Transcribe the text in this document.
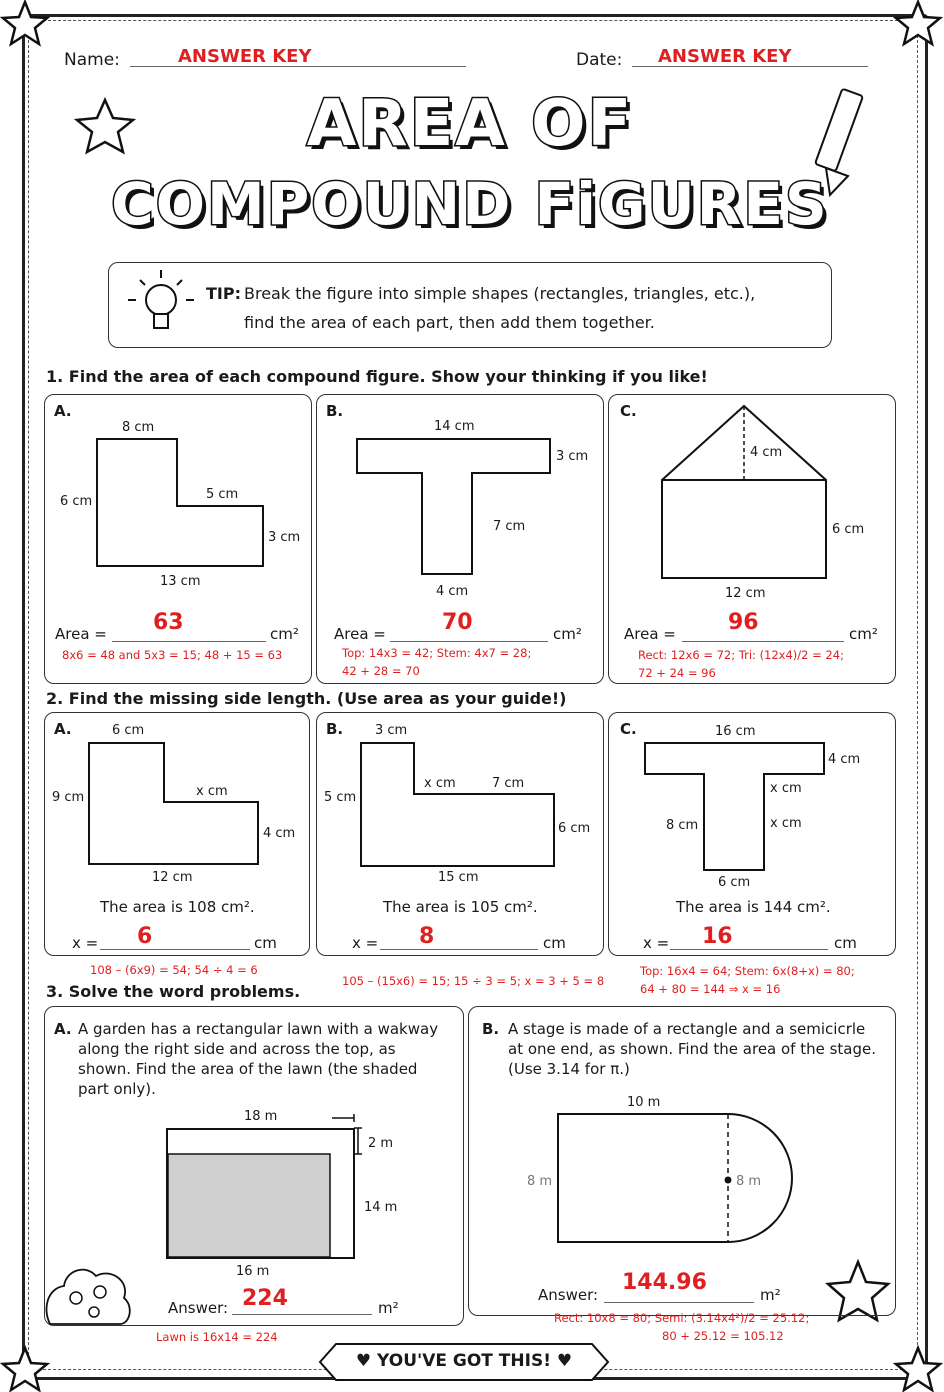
Name:	ANSWER KEY	Date: ANSWER KEY
AREA OF
COMPOUND FiGURES
TIP: Break the figure into simple shapes (rectangles, triangles, etc.),
find the area of each part, then add them together.
1. Find the area of each compound figure. Show your thinking if you like!
A.
8 cm
6 cm	5 cm
3 cm
13 cm
Area = 63	cm²
8x6 = 48 and 5x3 = 15; 48 + 15 = 63
B.
14 cm
3 cm
7 cm
4 cm
Area =	70	cm²
Top: 14x3 = 42; Stem: 4x7 = 28;
42 + 28 = 70
C.
4 cm
6 cm
12 cm
Area = 96	cm²
Rect: 12x6 = 72; Tri: (12x4)/2 = 24;
72 + 24 = 96
2. Find the missing side length. (Use area as your guide!)
A.	6 cm
9 cm	x cm
4 cm
12 cm
The area is 108 cm².
x = 6	cm
108 – (6x9) = 54; 54 ÷ 4 = 6
B. 3 cm
5 cm
x cm	7 cm
6 cm
15 cm
The area is 105 cm².
x = 8	cm
105 – (15x6) = 15; 15 ÷ 3 = 5; x = 3 + 5 = 8
C.	16 cm
4 cm
x cm
x cm
8 cm
6 cm
The area is 144 cm².
x = 16	cm
Top: 16x4 = 64; Stem: 6x(8+x) = 80;
64 + 80 = 144 ⇒ x = 16
3. Solve the word problems.
A. A garden has a rectangular lawn with a wakway
along the right side and across the top, as
shown. Find the area of the lawn (the shaded
part only).
18 m
2 m
14 m
16 m
Answer: 224	m²
Lawn is 16x14 = 224
B. A stage is made of a rectangle and a semicicrle
at one end, as shown. Find the area of the stage.
(Use 3.14 for π.)
10 m
8 m	8 m
Answer: 144.96	m²
Rect: 10x8 = 80; Semi: (3.14x4²)/2 = 25.12;
80 + 25.12 = 105.12
♥ YOU'VE GOT THIS! ♥
